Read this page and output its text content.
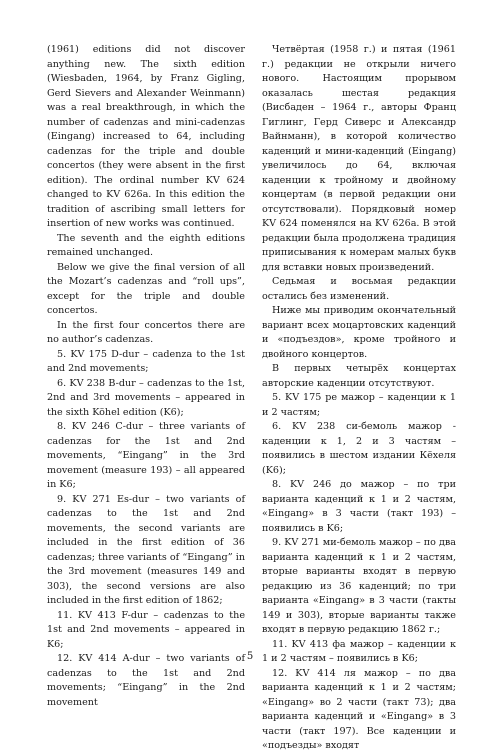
(1961) editions did not discover anything new. The sixth edition (Wiesbaden, 1964, by Franz Gigling, Gerd Sievers and Alexander Weinmann) was a real breakthrough, in which the number of cadenzas and mini-cadenzas (Eingang) increased to 64, including cadenzas for the triple and double concertos (they were absent in the first edition). The ordinal number KV 624 changed to KV 626a. In this edition the tradition of ascribing small letters for insertion of new works was continued.

The seventh and the eighth editions remained unchanged.

Below we give the final version of all the Mozart’s cadenzas and “roll ups”, except for the triple and double concertos.

In the first four concertos there are no author’s cadenzas.

5. KV 175 D-dur – cadenza to the 1st and 2nd movements;

6. KV 238 B-dur – cadenzas to the 1st, 2nd and 3rd movements – appeared in the sixth Köhel edition (K6);

8. KV 246 C-dur – three variants of cadenzas for the 1st and 2nd movements, “Eingang” in the 3rd movement (measure 193) – all appeared in K6;

9. KV 271 Es-dur – two variants of cadenzas to the 1st and 2nd movements, the second variants are included in the first edition of 36 cadenzas; three variants of “Eingang” in the 3rd movement (measures 149 and 303), the second versions are also included in the first edition of 1862;

11. KV 413 F-dur – cadenzas to the 1st and 2nd movements – appeared in K6;

12. KV 414 A-dur – two variants of cadenzas to the 1st and 2nd movements; “Eingang” in the 2nd movement

Четвёртая (1958 г.) и пятая (1961 г.) редакции не открыли ничего нового. Настоящим прорывом оказалась шестая редакция (Висбаден – 1964 г., авторы Франц Гиглинг, Герд Сиверс и Александр Вайнманн), в которой количество каденций и мини-каденций (Eingang) увеличилось до 64, включая каденции к тройному и двойному концертам (в первой редакции они отсутствовали). Порядковый номер KV 624 поменялся на KV 626a. В этой редакции была продолжена традиция приписывания к номерам малых букв для вставки новых произведений.

Седьмая и восьмая редакции остались без изменений.

Ниже мы приводим окончательный вариант всех моцартовских каденций и «подъездов», кроме тройного и двойного концертов.

В первых четырёх концертах авторские каденции отсутствуют.

5. KV 175 ре мажор – каденции к 1 и 2 частям;

6. KV 238 си-бемоль мажор - каденции к 1, 2 и 3 частям – появились в шестом издании Кёхеля (K6);

8. KV 246 до мажор – по три варианта каденций к 1 и 2 частям, «Eingang» в 3 части (такт 193) – появились в K6;

9. KV 271 ми-бемоль мажор – по два варианта каденций к 1 и 2 частям, вторые варианты входят в первую редакцию из 36 каденций; по три варианта «Eingang» в 3 части (такты 149 и 303), вторые варианты также входят в первую редакцию 1862 г.;

11. KV 413 фа мажор – каденции к 1 и 2 частям – появились в K6;

12. KV 414 ля мажор – по два варианта каденций к 1 и 2 частям; «Eingang» во 2 части (такт 73); два варианта каденций и «Eingang» в 3 части (такт 197). Все каденции и «подъезды» входят

5
